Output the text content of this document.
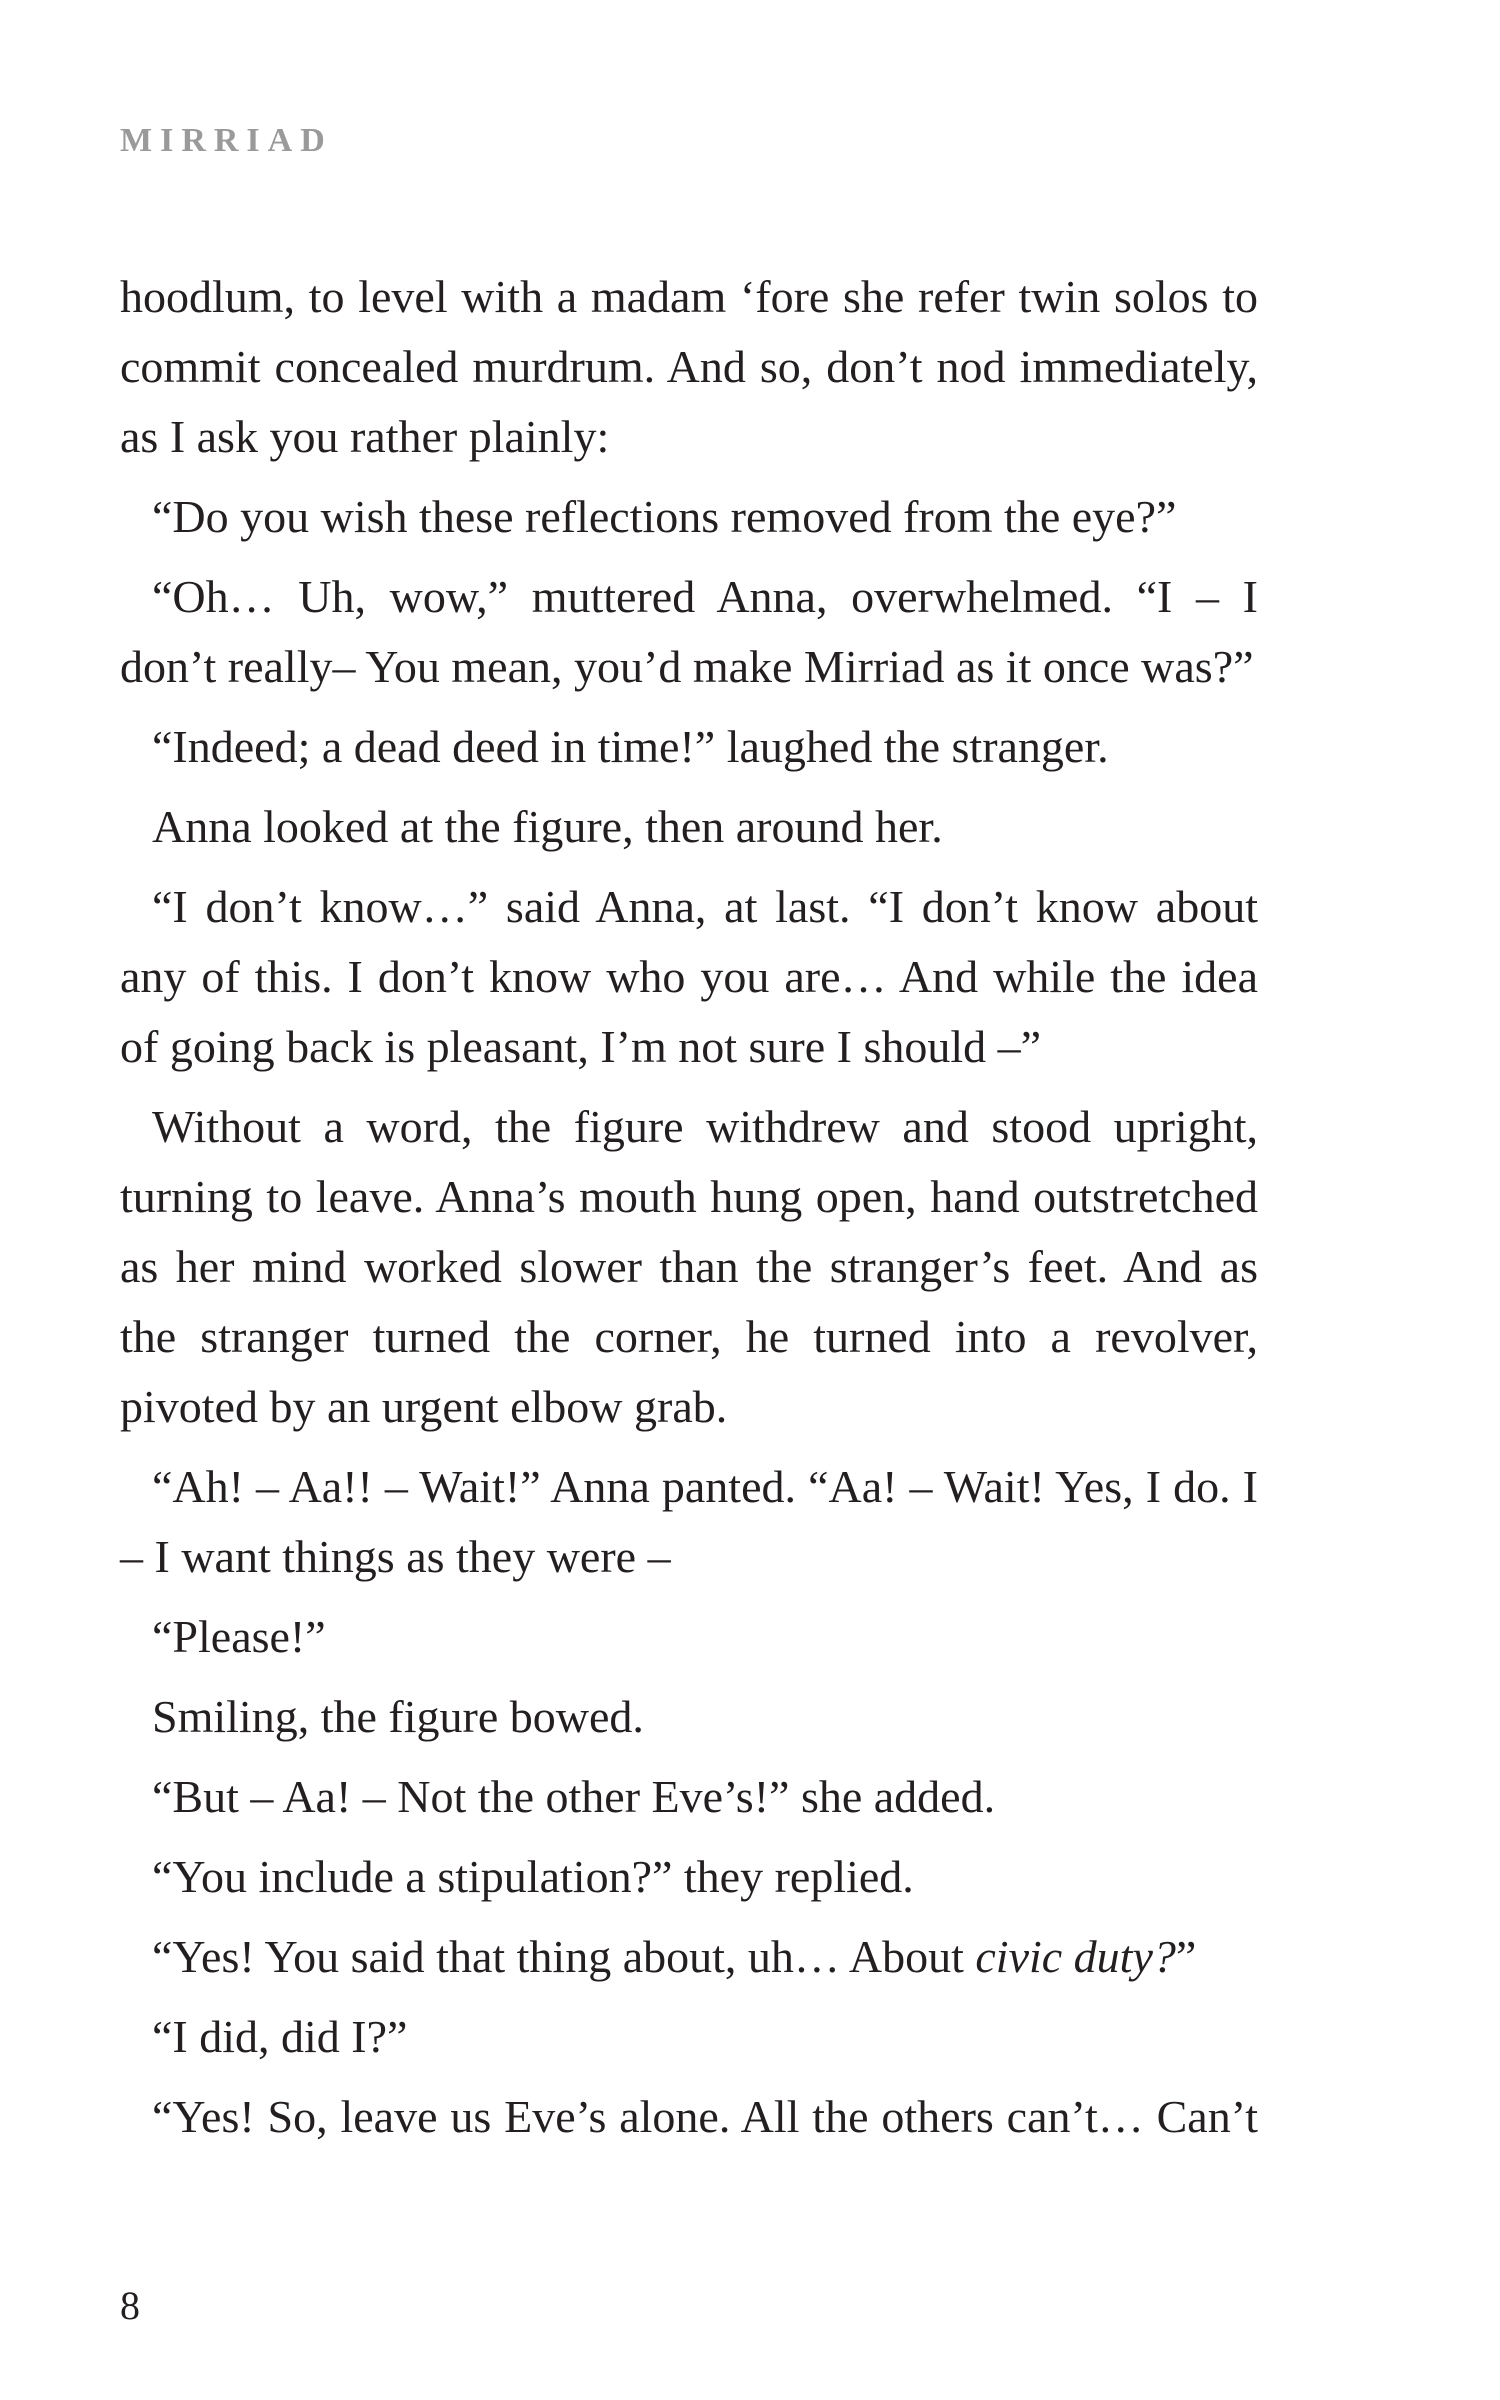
MIRRIAD

hoodlum, to level with a madam ‘fore she refer twin solos to commit concealed murdrum. And so, don’t nod immediately, as I ask you rather plainly:

“Do you wish these reflections removed from the eye?”

“Oh… Uh, wow,” muttered Anna, overwhelmed. “I – I don’t really– You mean, you’d make Mirriad as it once was?”

“Indeed; a dead deed in time!” laughed the stranger.

Anna looked at the figure, then around her.

“I don’t know…” said Anna, at last. “I don’t know about any of this. I don’t know who you are… And while the idea of going back is pleasant, I’m not sure I should –”

Without a word, the figure withdrew and stood upright, turning to leave. Anna’s mouth hung open, hand outstretched as her mind worked slower than the stranger’s feet. And as the stranger turned the corner, he turned into a revolver, pivoted by an urgent elbow grab.

“Ah! – Aa!! – Wait!” Anna panted. “Aa! – Wait! Yes, I do. I – I want things as they were –

“Please!”

Smiling, the figure bowed.

“But – Aa! – Not the other Eve’s!” she added.

“You include a stipulation?” they replied.

“Yes! You said that thing about, uh… About civic duty?”

“I did, did I?”

“Yes! So, leave us Eve’s alone. All the others can’t… Can’t

8
